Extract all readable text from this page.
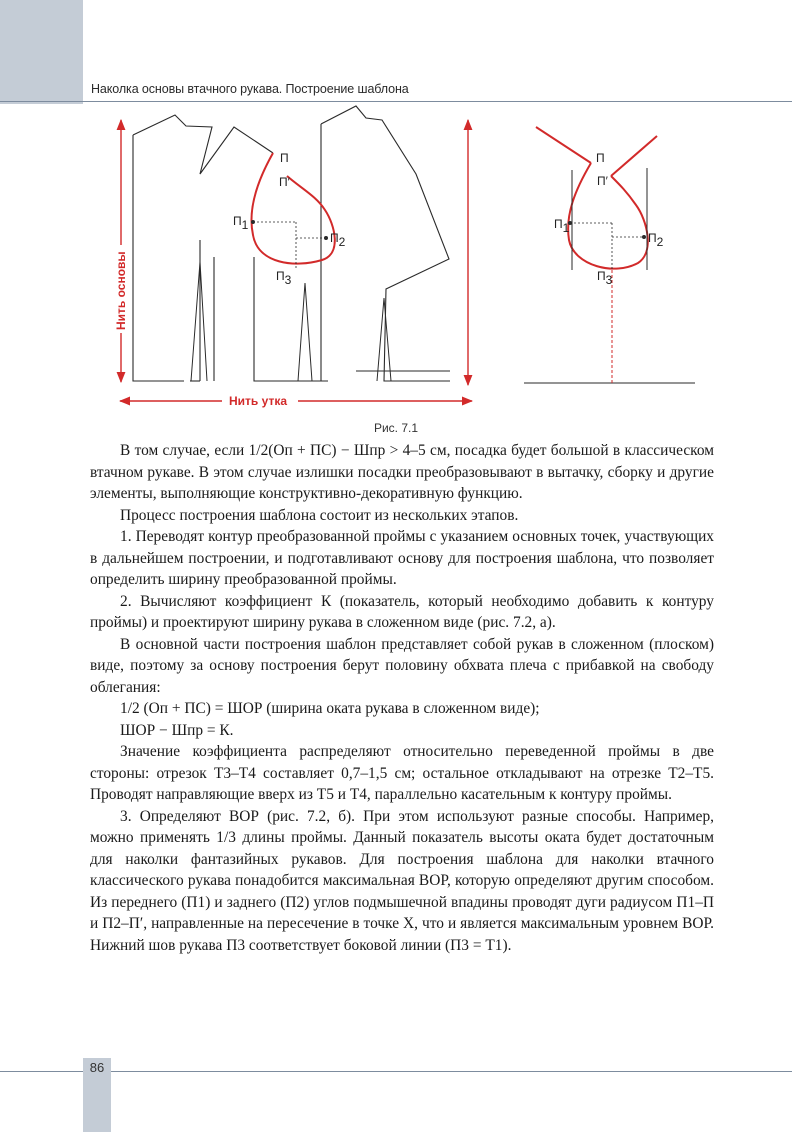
Наколка основы втачного рукава. Построение шаблона
П
П′
П1
П2
П3
Нить основы
Нить утка
П
П′
П1
П2
П3
Рис. 7.1

В том случае, если 1/2(Оп + ПС) − Шпр > 4–5 см, посадка будет большой в классическом втачном рукаве. В этом случае излишки посадки преобразовывают в вытачку, сборку и другие элементы, выполняющие конструктивно-декоративную функцию.

Процесс построения шаблона состоит из нескольких этапов.

1. Переводят контур преобразованной проймы с указанием основных точек, участвующих в дальнейшем построении, и подготавливают основу для построения шаблона, что позволяет определить ширину преобразованной проймы.

2. Вычисляют коэффициент К (показатель, который необходимо добавить к контуру проймы) и проектируют ширину рукава в сложенном виде (рис. 7.2, а).

В основной части построения шаблон представляет собой рукав в сложенном (плоском) виде, поэтому за основу построения берут половину обхвата плеча с прибавкой на свободу облегания:

1/2 (Оп + ПС) = ШОР (ширина оката рукава в сложенном виде);

ШОР − Шпр = К.

Значение коэффициента распределяют относительно переведенной проймы в две стороны: отрезок Т3–Т4 составляет 0,7–1,5 см; остальное откладывают на отрезке Т2–Т5. Проводят направляющие вверх из Т5 и Т4, параллельно касательным к контуру проймы.

3. Определяют ВОР (рис. 7.2, б). При этом используют разные способы. Например, можно применять 1/3 длины проймы. Данный показатель высоты оката будет достаточным для наколки фантазийных рукавов. Для построения шаблона для наколки втачного классического рукава понадобится максимальная ВОР, которую определяют другим способом. Из переднего (П1) и заднего (П2) углов подмышечной впадины проводят дуги радиусом П1–П и П2–П′, направленные на пересечение в точке X, что и является максимальным уровнем ВОР. Нижний шов рукава П3 соответствует боковой линии (П3 = Т1).

86
